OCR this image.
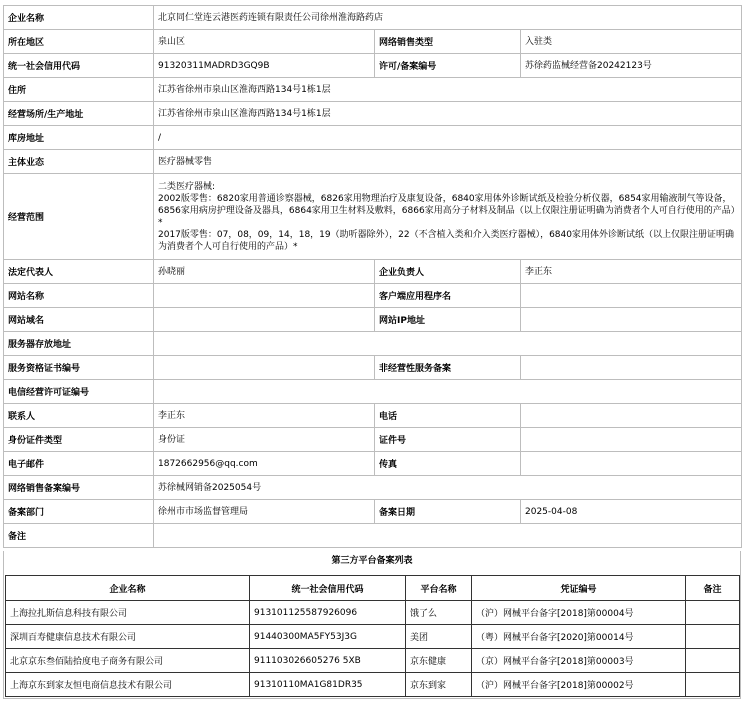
企业名称	北京同仁堂连云港医药连锁有限责任公司徐州淮海路药店		
所在地区	泉山区	网络销售类型	入驻类
统一社会信用代码	91320311MADRD3GQ9B	许可/备案编号	苏徐药监械经营备20242123号
住所	江苏省徐州市泉山区淮海西路134号1栋1层		
经营场所/生产地址	江苏省徐州市泉山区淮海西路134号1栋1层		
库房地址	/		
主体业态	医疗器械零售		
经营范围	二类医疗器械:
2002版零售：6820家用普通诊察器械，6826家用物理治疗及康复设备，6840家用体外诊断试纸及检验分析仪器，6854家用输液制气等设备，6856家用病房护理设备及器具，6864家用卫生材料及敷料，6866家用高分子材料及制品（以上仅限注册证明确为消费者个人可自行使用的产品）*
2017版零售：07，08，09，14，18，19（助听器除外），22（不含植入类和介入类医疗器械），6840家用体外诊断试纸（以上仅限注册证明确为消费者个人可自行使用的产品）*		

法定代表人	孙晓丽	企业负责人	李正东
网站名称		客户端应用程序名	
网站域名		网站IP地址	
服务器存放地址			
服务资格证书编号		非经营性服务备案	
电信经营许可证编号			
联系人	李正东	电话	
身份证件类型	身份证	证件号	
电子邮件	1872662956@qq.com	传真	
网络销售备案编号	苏徐械网销备2025054号		
备案部门	徐州市市场监督管理局	备案日期	2025-04-08
备注			
第三方平台备案列表
企业名称	统一社会信用代码	平台名称	凭证编号	备注
上海拉扎斯信息科技有限公司	913101125587926096	饿了么	（沪）网械平台备字[2018]第00004号	
深圳百寿健康信息技术有限公司	91440300MA5FY53J3G	美团	（粤）网械平台备字[2020]第00014号	
北京京东叁佰陆拾度电子商务有限公司	911103026605276 5XB	京东健康	（京）网械平台备字[2018]第00003号	
上海京东到家友恒电商信息技术有限公司	91310110MA1G81DR35	京东到家	（沪）网械平台备字[2018]第00002号	
